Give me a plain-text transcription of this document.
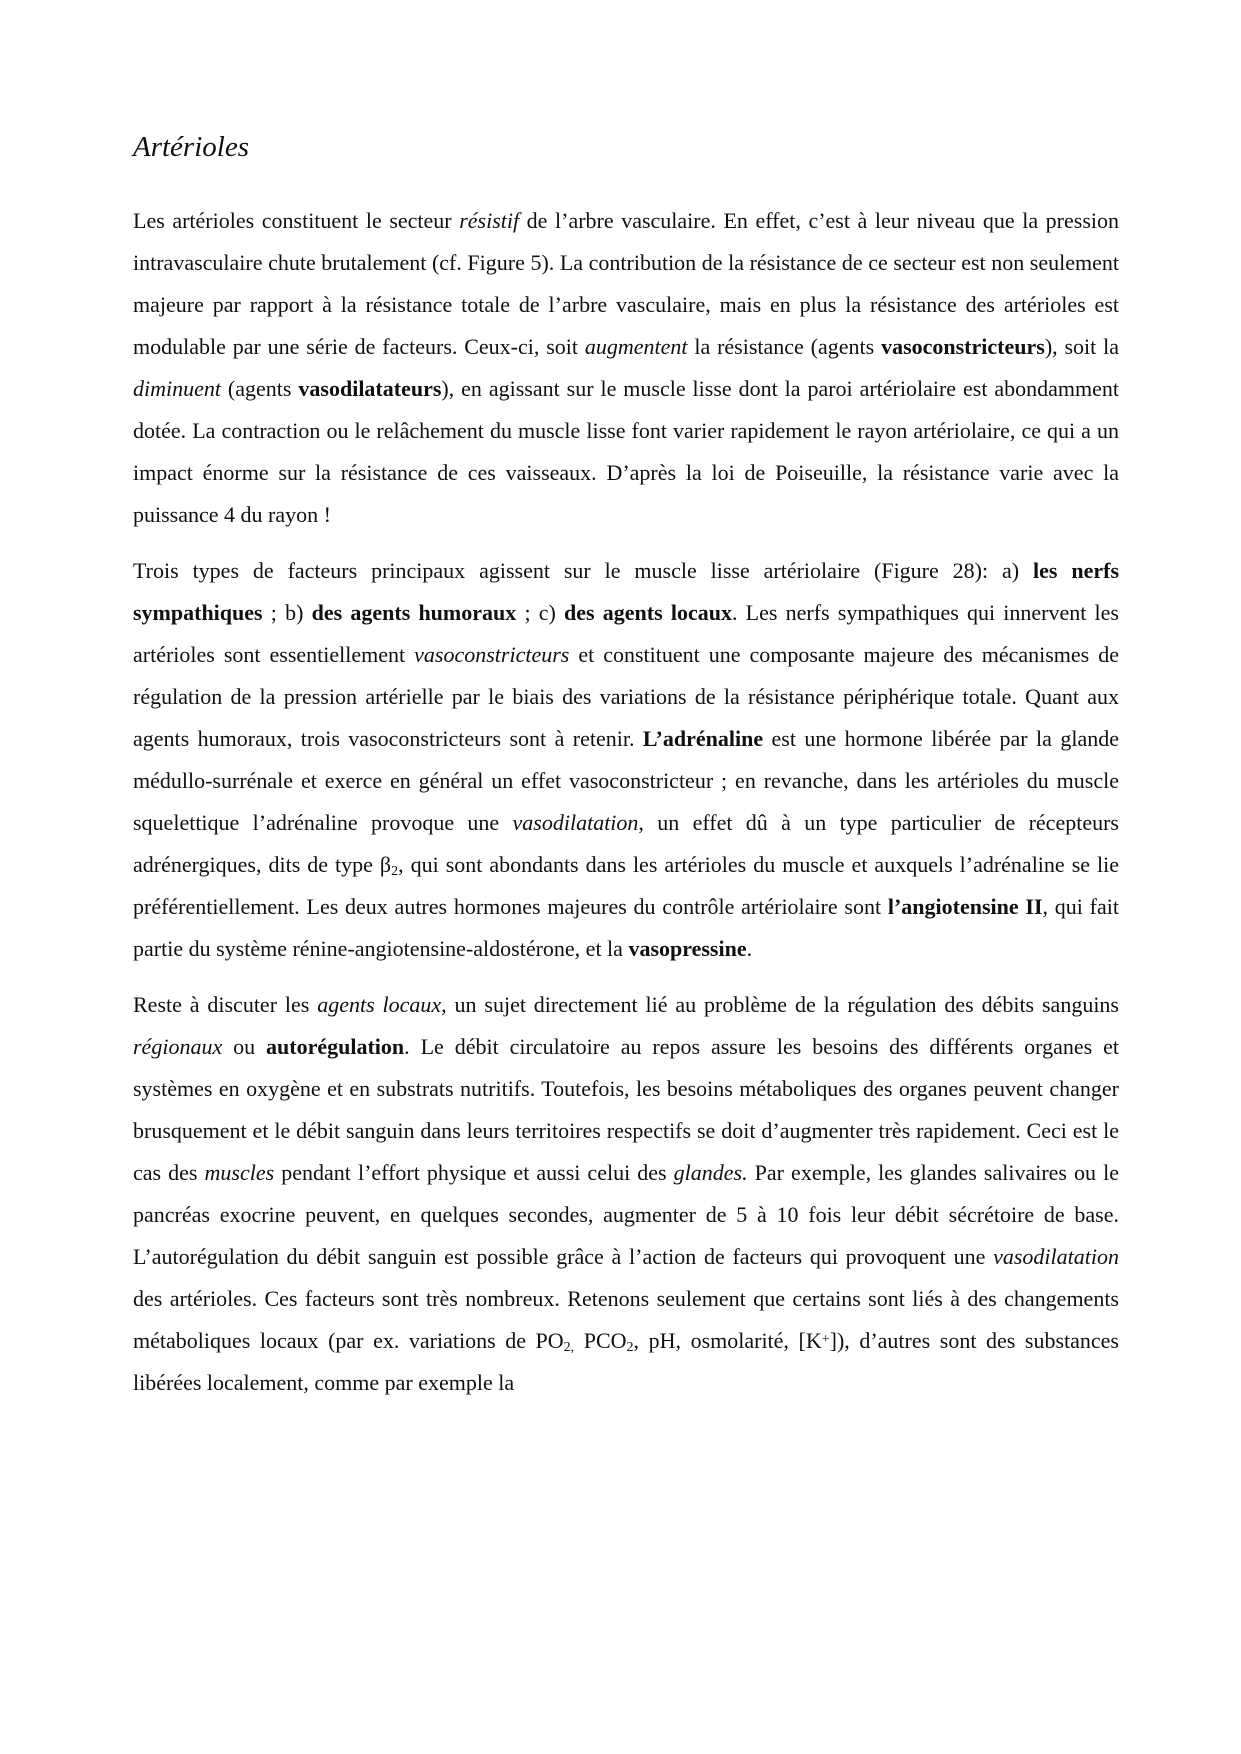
Artérioles

Les artérioles constituent le secteur résistif de l’arbre vasculaire. En effet, c’est à leur niveau que la pression intravasculaire chute brutalement (cf. Figure 5). La contribution de la résistance de ce secteur est non seulement majeure par rapport à la résistance totale de l’arbre vasculaire, mais en plus la résistance des artérioles est modulable par une série de facteurs. Ceux-ci, soit augmentent la résistance (agents vasoconstricteurs), soit la diminuent (agents vasodilatateurs), en agissant sur le muscle lisse dont la paroi artériolaire est abondamment dotée. La contraction ou le relâchement du muscle lisse font varier rapidement le rayon artériolaire, ce qui a un impact énorme sur la résistance de ces vaisseaux. D’après la loi de Poiseuille, la résistance varie avec la puissance 4 du rayon !

Trois types de facteurs principaux agissent sur le muscle lisse artériolaire (Figure 28): a) les nerfs sympathiques ; b) des agents humoraux ; c) des agents locaux. Les nerfs sympathiques qui innervent les artérioles sont essentiellement vasoconstricteurs et constituent une composante majeure des mécanismes de régulation de la pression artérielle par le biais des variations de la résistance périphérique totale. Quant aux agents humoraux, trois vasoconstricteurs sont à retenir. L’adrénaline est une hormone libérée par la glande médullo-surrénale et exerce en général un effet vasoconstricteur ; en revanche, dans les artérioles du muscle squelettique l’adrénaline provoque une vasodilatation, un effet dû à un type particulier de récepteurs adrénergiques, dits de type β2, qui sont abondants dans les artérioles du muscle et auxquels l’adrénaline se lie préférentiellement. Les deux autres hormones majeures du contrôle artériolaire sont l’angiotensine II, qui fait partie du système rénine-angiotensine-aldostérone, et la vasopressine.

Reste à discuter les agents locaux, un sujet directement lié au problème de la régulation des débits sanguins régionaux ou autorégulation. Le débit circulatoire au repos assure les besoins des différents organes et systèmes en oxygène et en substrats nutritifs. Toutefois, les besoins métaboliques des organes peuvent changer brusquement et le débit sanguin dans leurs territoires respectifs se doit d’augmenter très rapidement. Ceci est le cas des muscles pendant l’effort physique et aussi celui des glandes. Par exemple, les glandes salivaires ou le pancréas exocrine peuvent, en quelques secondes, augmenter de 5 à 10 fois leur débit sécrétoire de base. L’autorégulation du débit sanguin est possible grâce à l’action de facteurs qui provoquent une vasodilatation des artérioles. Ces facteurs sont très nombreux. Retenons seulement que certains sont liés à des changements métaboliques locaux (par ex. variations de PO2, PCO2, pH, osmolarité, [K+]), d’autres sont des substances libérées localement, comme par exemple la
